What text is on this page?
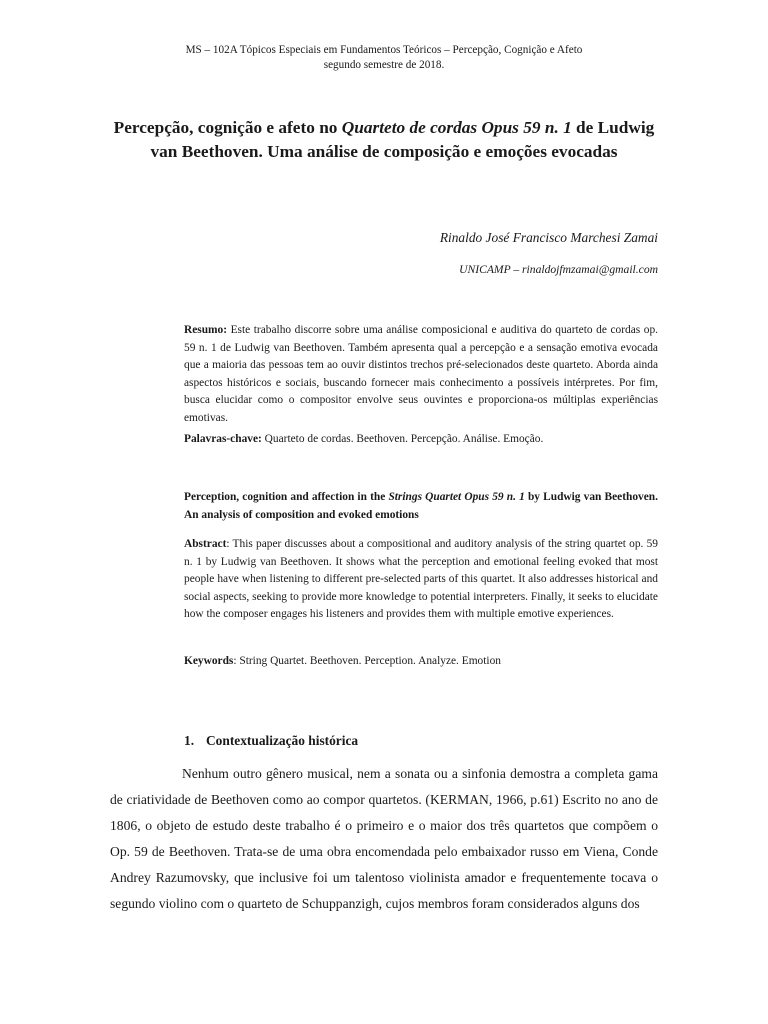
MS – 102A Tópicos Especiais em Fundamentos Teóricos – Percepção, Cognição e Afeto
segundo semestre de 2018.
Percepção, cognição e afeto no Quarteto de cordas Opus 59 n. 1 de Ludwig van Beethoven. Uma análise de composição e emoções evocadas
Rinaldo José Francisco Marchesi Zamai
UNICAMP – rinaldojfmzamai@gmail.com
Resumo: Este trabalho discorre sobre uma análise composicional e auditiva do quarteto de cordas op. 59 n. 1 de Ludwig van Beethoven. Também apresenta qual a percepção e a sensação emotiva evocada que a maioria das pessoas tem ao ouvir distintos trechos pré-selecionados deste quarteto. Aborda ainda aspectos históricos e sociais, buscando fornecer mais conhecimento a possíveis intérpretes. Por fim, busca elucidar como o compositor envolve seus ouvintes e proporciona-os múltiplas experiências emotivas.
Palavras-chave: Quarteto de cordas. Beethoven. Percepção. Análise. Emoção.
Perception, cognition and affection in the Strings Quartet Opus 59 n. 1 by Ludwig van Beethoven. An analysis of composition and evoked emotions
Abstract: This paper discusses about a compositional and auditory analysis of the string quartet op. 59 n. 1 by Ludwig van Beethoven. It shows what the perception and emotional feeling evoked that most people have when listening to different pre-selected parts of this quartet. It also addresses historical and social aspects, seeking to provide more knowledge to potential interpreters. Finally, it seeks to elucidate how the composer engages his listeners and provides them with multiple emotive experiences.
Keywords: String Quartet. Beethoven. Perception. Analyze. Emotion
1. Contextualização histórica
Nenhum outro gênero musical, nem a sonata ou a sinfonia demostra a completa gama de criatividade de Beethoven como ao compor quartetos. (KERMAN, 1966, p.61) Escrito no ano de 1806, o objeto de estudo deste trabalho é o primeiro e o maior dos três quartetos que compõem o Op. 59 de Beethoven. Trata-se de uma obra encomendada pelo embaixador russo em Viena, Conde Andrey Razumovsky, que inclusive foi um talentoso violinista amador e frequentemente tocava o segundo violino com o quarteto de Schuppanzigh, cujos membros foram considerados alguns dos
